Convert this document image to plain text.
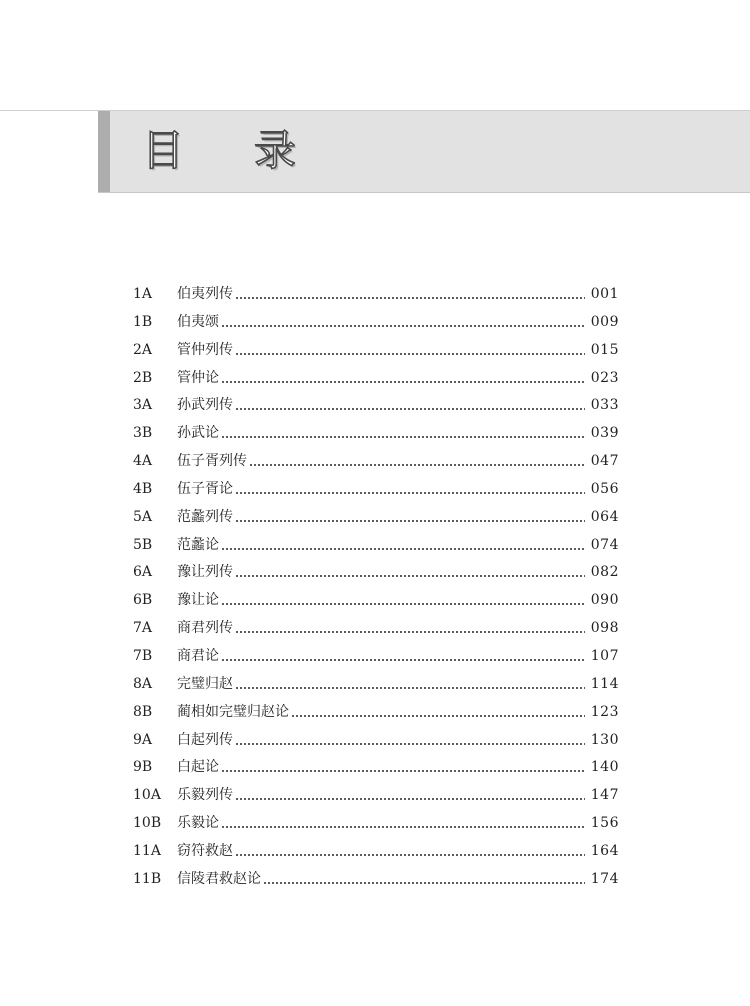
目录
1A	伯夷列传	001
1B	伯夷颂	009
2A	管仲列传	015
2B	管仲论	023
3A	孙武列传	033
3B	孙武论	039
4A	伍子胥列传	047
4B	伍子胥论	056
5A	范蠡列传	064
5B	范蠡论	074
6A	豫让列传	082
6B	豫让论	090
7A	商君列传	098
7B	商君论	107
8A	完璧归赵	114
8B	蔺相如完璧归赵论	123
9A	白起列传	130
9B	白起论	140
10A	乐毅列传	147
10B	乐毅论	156
11A	窃符救赵	164
11B	信陵君救赵论	174
